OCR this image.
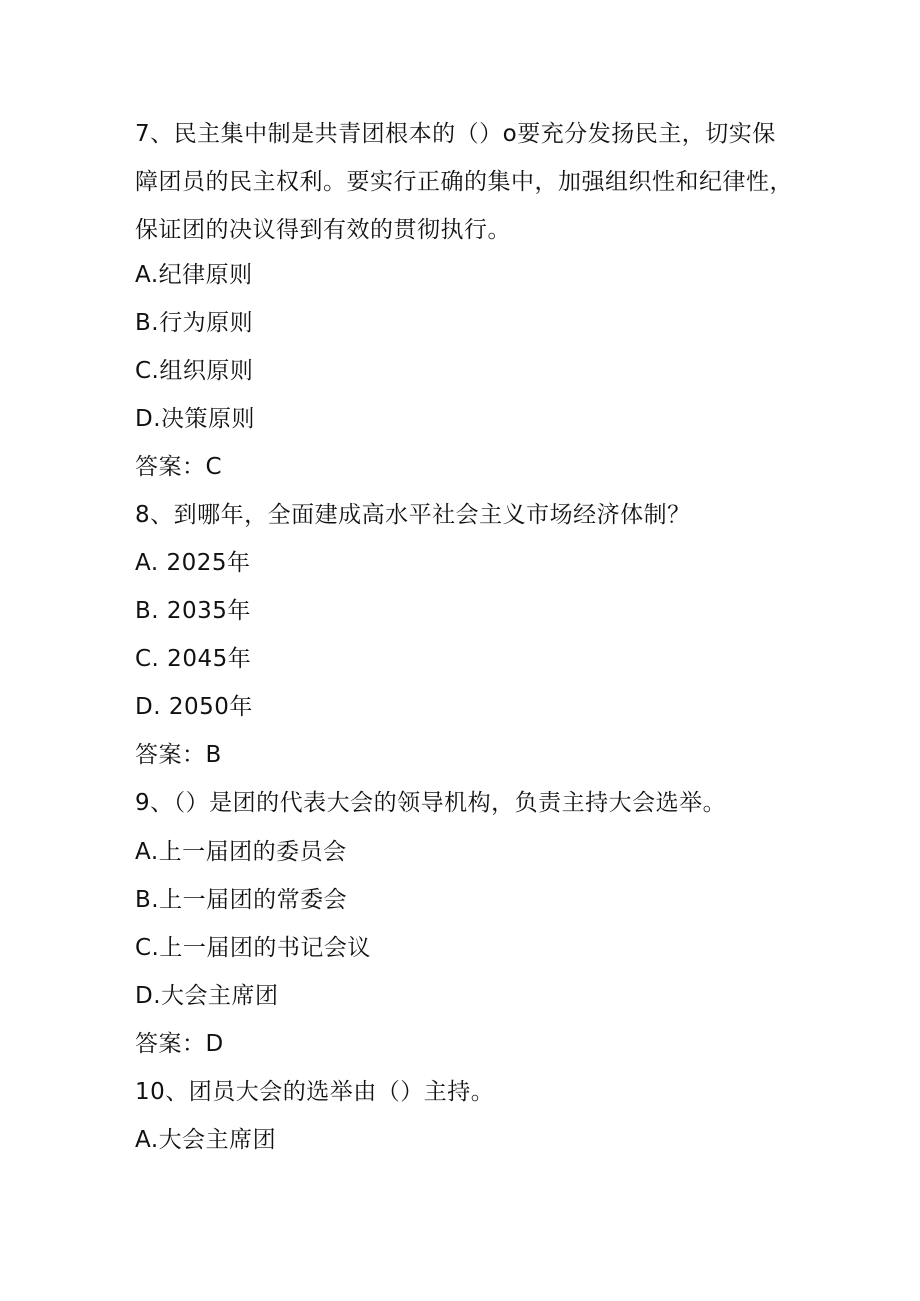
7、民主集中制是共青团根本的（）o要充分发扬民主，切实保障团员的民主权利。要实行正确的集中，加强组织性和纪律性，保证团的决议得到有效的贯彻执行。
A.纪律原则
B.行为原则
C.组织原则
D.决策原则
答案：C
8、到哪年，全面建成高水平社会主义市场经济体制？
A. 2025年
B. 2035年
C. 2045年
D. 2050年
答案：B
9、（）是团的代表大会的领导机构，负责主持大会选举。
A.上一届团的委员会
B.上一届团的常委会
C.上一届团的书记会议
D.大会主席团
答案：D
10、团员大会的选举由（）主持。
A.大会主席团
